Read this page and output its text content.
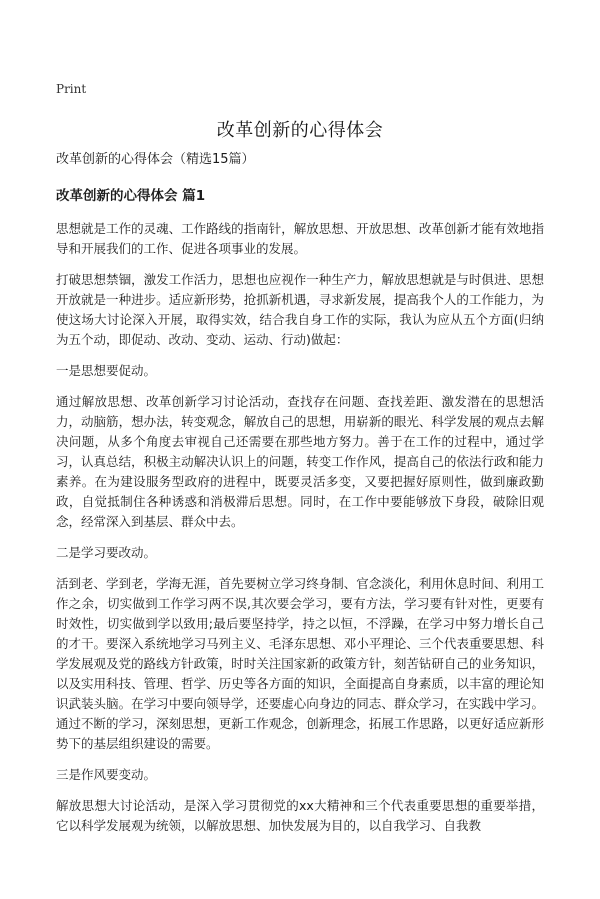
Print
改革创新的心得体会

改革创新的心得体会（精选15篇）

改革创新的心得体会 篇1

思想就是工作的灵魂、工作路线的指南针，解放思想、开放思想、改革创新才能有效地指导和开展我们的工作、促进各项事业的发展。

打破思想禁锢，激发工作活力，思想也应视作一种生产力，解放思想就是与时俱进、思想开放就是一种进步。适应新形势，抢抓新机遇，寻求新发展，提高我个人的工作能力，为使这场大讨论深入开展，取得实效，结合我自身工作的实际，我认为应从五个方面(归纳为五个动，即促动、改动、变动、运动、行动)做起：

一是思想要促动。

通过解放思想、改革创新学习讨论活动，查找存在问题、查找差距、激发潜在的思想活力，动脑筋，想办法，转变观念，解放自己的思想，用崭新的眼光、科学发展的观点去解决问题，从多个角度去审视自己还需要在那些地方努力。善于在工作的过程中，通过学习，认真总结，积极主动解决认识上的问题，转变工作作风，提高自己的依法行政和能力素养。在为建设服务型政府的进程中，既要灵活多变，又要把握好原则性，做到廉政勤政，自觉抵制住各种诱惑和消极滞后思想。同时，在工作中要能够放下身段，破除旧观念，经常深入到基层、群众中去。

二是学习要改动。

活到老、学到老，学海无涯，首先要树立学习终身制、官念淡化，利用休息时间、利用工作之余，切实做到工作学习两不误,其次要会学习，要有方法，学习要有针对性，更要有时效性，切实做到学以致用;最后要坚持学，持之以恒，不浮躁，在学习中努力增长自己的才干。要深入系统地学习马列主义、毛泽东思想、邓小平理论、三个代表重要思想、科学发展观及党的路线方针政策，时时关注国家新的政策方针，刻苦钻研自己的业务知识，以及实用科技、管理、哲学、历史等各方面的知识，全面提高自身素质，以丰富的理论知识武装头脑。在学习中要向领导学，还要虚心向身边的同志、群众学习，在实践中学习。通过不断的学习，深刻思想，更新工作观念，创新理念，拓展工作思路，以更好适应新形势下的基层组织建设的需要。

三是作风要变动。

解放思想大讨论活动，是深入学习贯彻党的xx大精神和三个代表重要思想的重要举措，它以科学发展观为统领，以解放思想、加快发展为目的，以自我学习、自我教
